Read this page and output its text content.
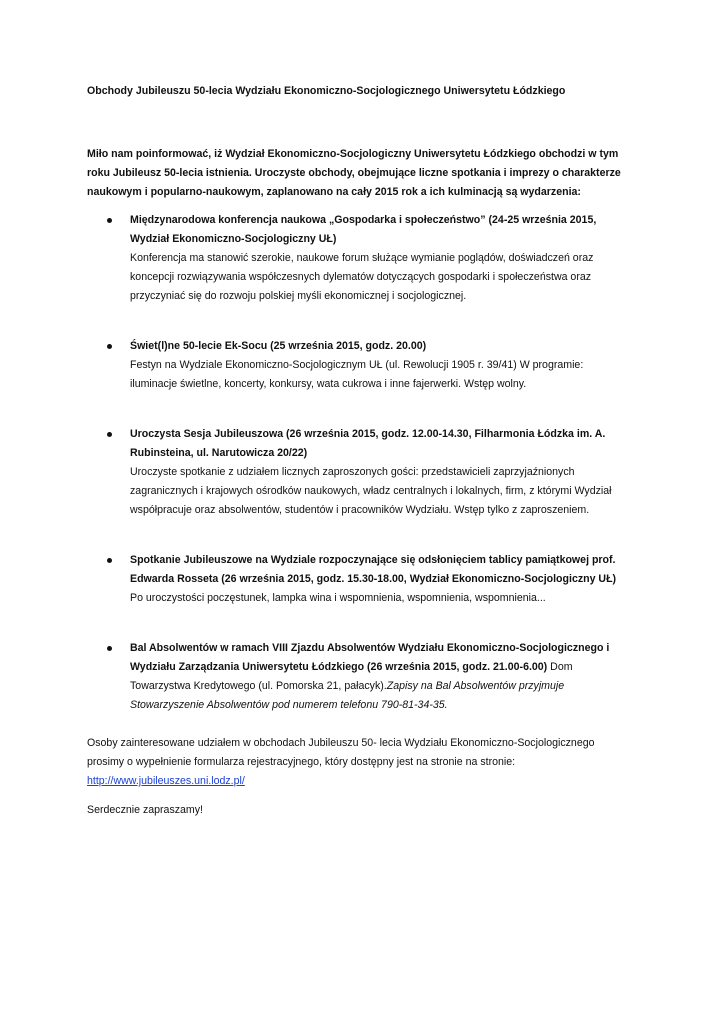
Obchody Jubileuszu 50-lecia Wydziału Ekonomiczno-Socjologicznego Uniwersytetu Łódzkiego

Miło nam poinformować, iż Wydział Ekonomiczno-Socjologiczny Uniwersytetu Łódzkiego obchodzi w tym roku Jubileusz 50-lecia istnienia. Uroczyste obchody, obejmujące liczne spotkania i imprezy o charakterze naukowym i popularno-naukowym, zaplanowano na cały 2015 rok a ich kulminacją są wydarzenia:

Międzynarodowa konferencja naukowa „Gospodarka i społeczeństwo” (24-25 września 2015, Wydział Ekonomiczno-Socjologiczny UŁ)
Konferencja ma stanowić szerokie, naukowe forum służące wymianie poglądów, doświadczeń oraz koncepcji rozwiązywania współczesnych dylematów dotyczących gospodarki i społeczeństwa oraz przyczyniać się do rozwoju polskiej myśli ekonomicznej i socjologicznej.
Świet(l)ne 50-lecie Ek-Socu (25 września 2015, godz. 20.00)
Festyn na Wydziale Ekonomiczno-Socjologicznym UŁ (ul. Rewolucji 1905 r. 39/41) W programie: iluminacje świetlne, koncerty, konkursy, wata cukrowa i inne fajerwerki. Wstęp wolny.
Uroczysta Sesja Jubileuszowa (26 września 2015, godz. 12.00-14.30, Filharmonia Łódzka im. A. Rubinsteina, ul. Narutowicza 20/22)
Uroczyste spotkanie z udziałem licznych zaproszonych gości: przedstawicieli zaprzyjaźnionych zagranicznych i krajowych ośrodków naukowych, władz centralnych i lokalnych, firm, z którymi Wydział współpracuje oraz absolwentów, studentów i pracowników Wydziału. Wstęp tylko z zaproszeniem.
Spotkanie Jubileuszowe na Wydziale rozpoczynające się odsłonięciem tablicy pamiątkowej prof. Edwarda Rosseta (26 września 2015, godz. 15.30-18.00, Wydział Ekonomiczno-Socjologiczny UŁ)
Po uroczystości poczęstunek, lampka wina i wspomnienia, wspomnienia, wspomnienia...
Bal Absolwentów w ramach VIII Zjazdu Absolwentów Wydziału Ekonomiczno-Socjologicznego i Wydziału Zarządzania Uniwersytetu Łódzkiego (26 września 2015, godz. 21.00-6.00) Dom Towarzystwa Kredytowego (ul. Pomorska 21, pałacyk).Zapisy na Bal Absolwentów przyjmuje Stowarzyszenie Absolwentów pod numerem telefonu 790-81-34-35.

Osoby zainteresowane udziałem w obchodach Jubileuszu 50- lecia Wydziału Ekonomiczno-Socjologicznego prosimy o wypełnienie formularza rejestracyjnego, który dostępny jest na stronie na stronie:
http://www.jubileuszes.uni.lodz.pl/

Serdecznie zapraszamy!
